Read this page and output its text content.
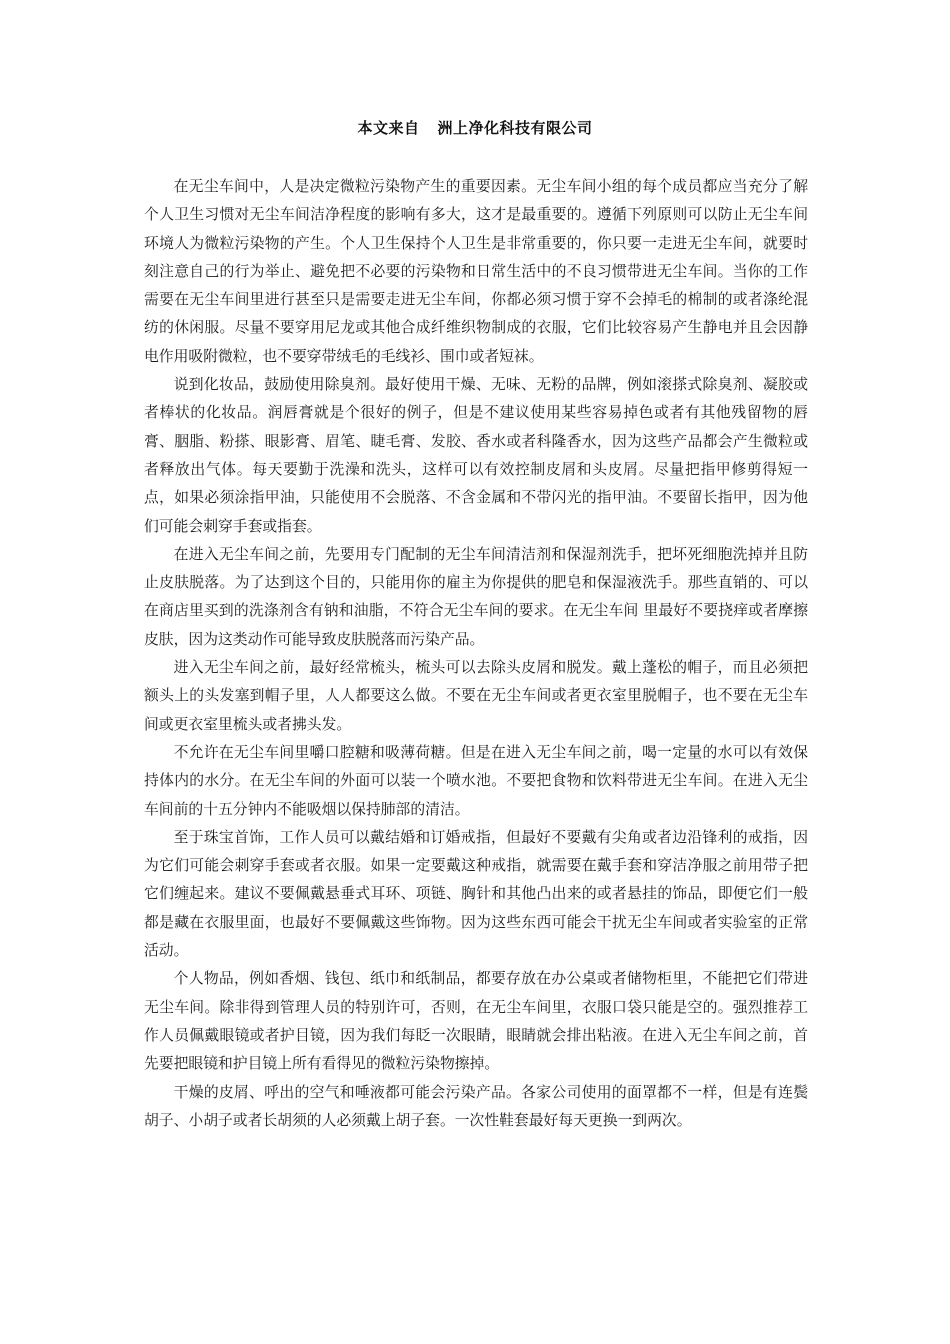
本文来自 洲上净化科技有限公司

在无尘车间中，人是决定微粒污染物产生的重要因素。无尘车间小组的每个成员都应当充分了解个人卫生习惯对无尘车间洁净程度的影响有多大，这才是最重要的。遵循下列原则可以防止无尘车间环境人为微粒污染物的产生。个人卫生保持个人卫生是非常重要的，你只要一走进无尘车间，就要时刻注意自己的行为举止、避免把不必要的污染物和日常生活中的不良习惯带进无尘车间。当你的工作需要在无尘车间里进行甚至只是需要走进无尘车间，你都必须习惯于穿不会掉毛的棉制的或者涤纶混纺的休闲服。尽量不要穿用尼龙或其他合成纤维织物制成的衣服，它们比较容易产生静电并且会因静电作用吸附微粒，也不要穿带绒毛的毛线衫、围巾或者短袜。

说到化妆品，鼓励使用除臭剂。最好使用干燥、无味、无粉的品牌，例如滚搽式除臭剂、凝胶或者棒状的化妆品。润唇膏就是个很好的例子，但是不建议使用某些容易掉色或者有其他残留物的唇膏、胭脂、粉搽、眼影膏、眉笔、睫毛膏、发胶、香水或者科隆香水，因为这些产品都会产生微粒或者释放出气体。每天要勤于洗澡和洗头，这样可以有效控制皮屑和头皮屑。尽量把指甲修剪得短一点，如果必须涂指甲油，只能使用不会脱落、不含金属和不带闪光的指甲油。不要留长指甲，因为他们可能会刺穿手套或指套。

在进入无尘车间之前，先要用专门配制的无尘车间清洁剂和保湿剂洗手，把坏死细胞洗掉并且防止皮肤脱落。为了达到这个目的，只能用你的雇主为你提供的肥皂和保湿液洗手。那些直销的、可以在商店里买到的洗涤剂含有钠和油脂，不符合无尘车间的要求。在无尘车间 里最好不要挠痒或者摩擦皮肤，因为这类动作可能导致皮肤脱落而污染产品。

进入无尘车间之前，最好经常梳头，梳头可以去除头皮屑和脱发。戴上蓬松的帽子，而且必须把额头上的头发塞到帽子里，人人都要这么做。不要在无尘车间或者更衣室里脱帽子，也不要在无尘车间或更衣室里梳头或者拂头发。

不允许在无尘车间里嚼口腔糖和吸薄荷糖。但是在进入无尘车间之前，喝一定量的水可以有效保持体内的水分。在无尘车间的外面可以装一个喷水池。不要把食物和饮料带进无尘车间。在进入无尘车间前的十五分钟内不能吸烟以保持肺部的清洁。

至于珠宝首饰，工作人员可以戴结婚和订婚戒指，但最好不要戴有尖角或者边沿锋利的戒指，因为它们可能会刺穿手套或者衣服。如果一定要戴这种戒指，就需要在戴手套和穿洁净服之前用带子把它们缠起来。建议不要佩戴悬垂式耳环、项链、胸针和其他凸出来的或者悬挂的饰品，即便它们一般都是藏在衣服里面，也最好不要佩戴这些饰物。因为这些东西可能会干扰无尘车间或者实验室的正常活动。

个人物品，例如香烟、钱包、纸巾和纸制品，都要存放在办公桌或者储物柜里，不能把它们带进无尘车间。除非得到管理人员的特别许可，否则，在无尘车间里，衣服口袋只能是空的。强烈推荐工作人员佩戴眼镜或者护目镜，因为我们每眨一次眼睛，眼睛就会排出粘液。在进入无尘车间之前，首先要把眼镜和护目镜上所有看得见的微粒污染物擦掉。

干燥的皮屑、呼出的空气和唾液都可能会污染产品。各家公司使用的面罩都不一样，但是有连鬓胡子、小胡子或者长胡须的人必须戴上胡子套。一次性鞋套最好每天更换一到两次。
